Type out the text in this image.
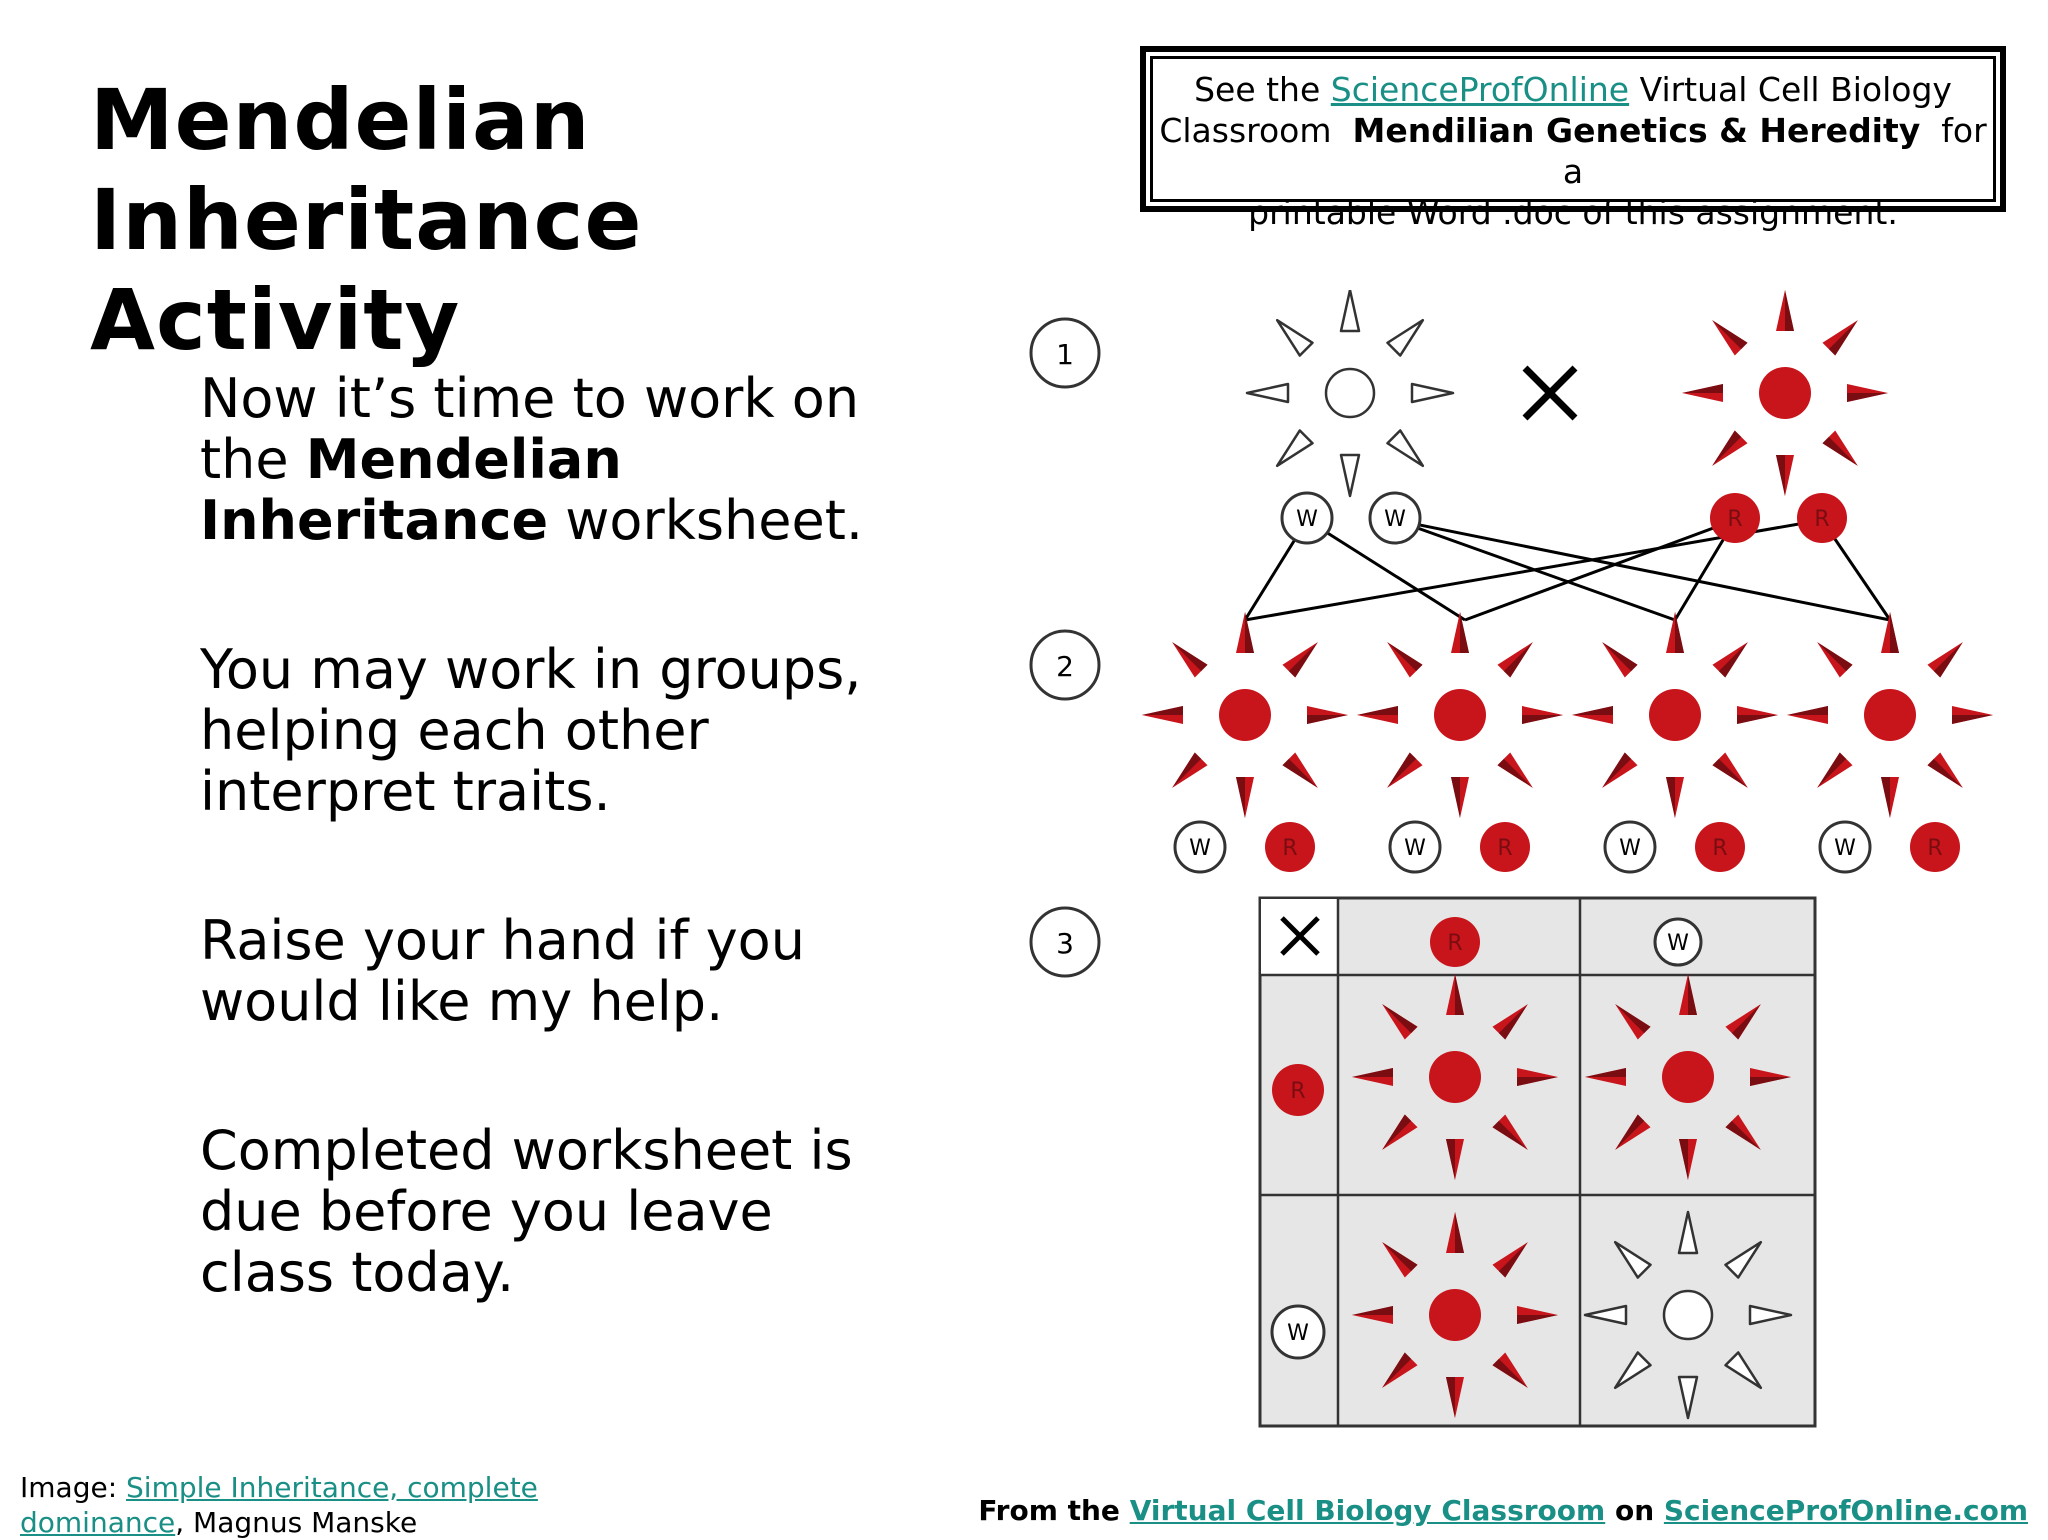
Mendelian Inheritance Activity
See the ScienceProfOnline Virtual Cell Biology
Classroom  Mendilian Genetics & Heredity  for a
printable Word .doc of this assignment.

Now it’s time to work on the Mendelian Inheritance worksheet.

You may work in groups, helping each other interpret traits.

Raise your hand if you would like my help.

Completed worksheet is due before you leave class today.

1
2
3
W	W	R	R
W	R	W	R	W	R	W	R
R	W
R
W
Image: Simple Inheritance, complete dominance, Magnus Manske	From the Virtual Cell Biology Classroom on ScienceProfOnline.com
